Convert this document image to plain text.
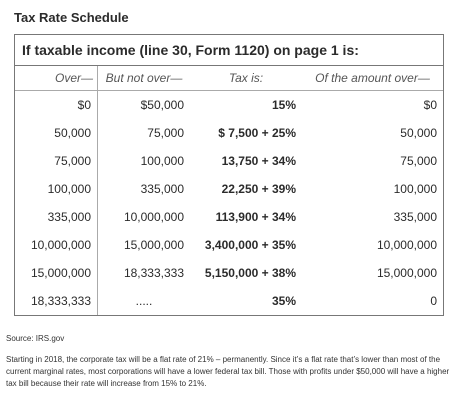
Tax Rate Schedule
If taxable income (line 30, Form 1120) on page 1 is:
Over—	But not over—	Tax is:	Of the amount over—
$0	$50,000	15%	$0
50,000	75,000	$ 7,500 + 25%	50,000
75,000	100,000	13,750 + 34%	75,000
100,000	335,000	22,250 + 39%	100,000
335,000	10,000,000	113,900 + 34%	335,000
10,000,000	15,000,000	3,400,000 + 35%	10,000,000
15,000,000	18,333,333	5,150,000 + 38%	15,000,000
18,333,333	.....	35%	0
Source: IRS.gov
Starting in 2018, the corporate tax will be a flat rate of 21% – permanently. Since it’s a flat rate that’s lower than most of the current marginal rates, most corporations will have a lower federal tax bill. Those with profits under $50,000 will have a higher tax bill because their rate will increase from 15% to 21%.
